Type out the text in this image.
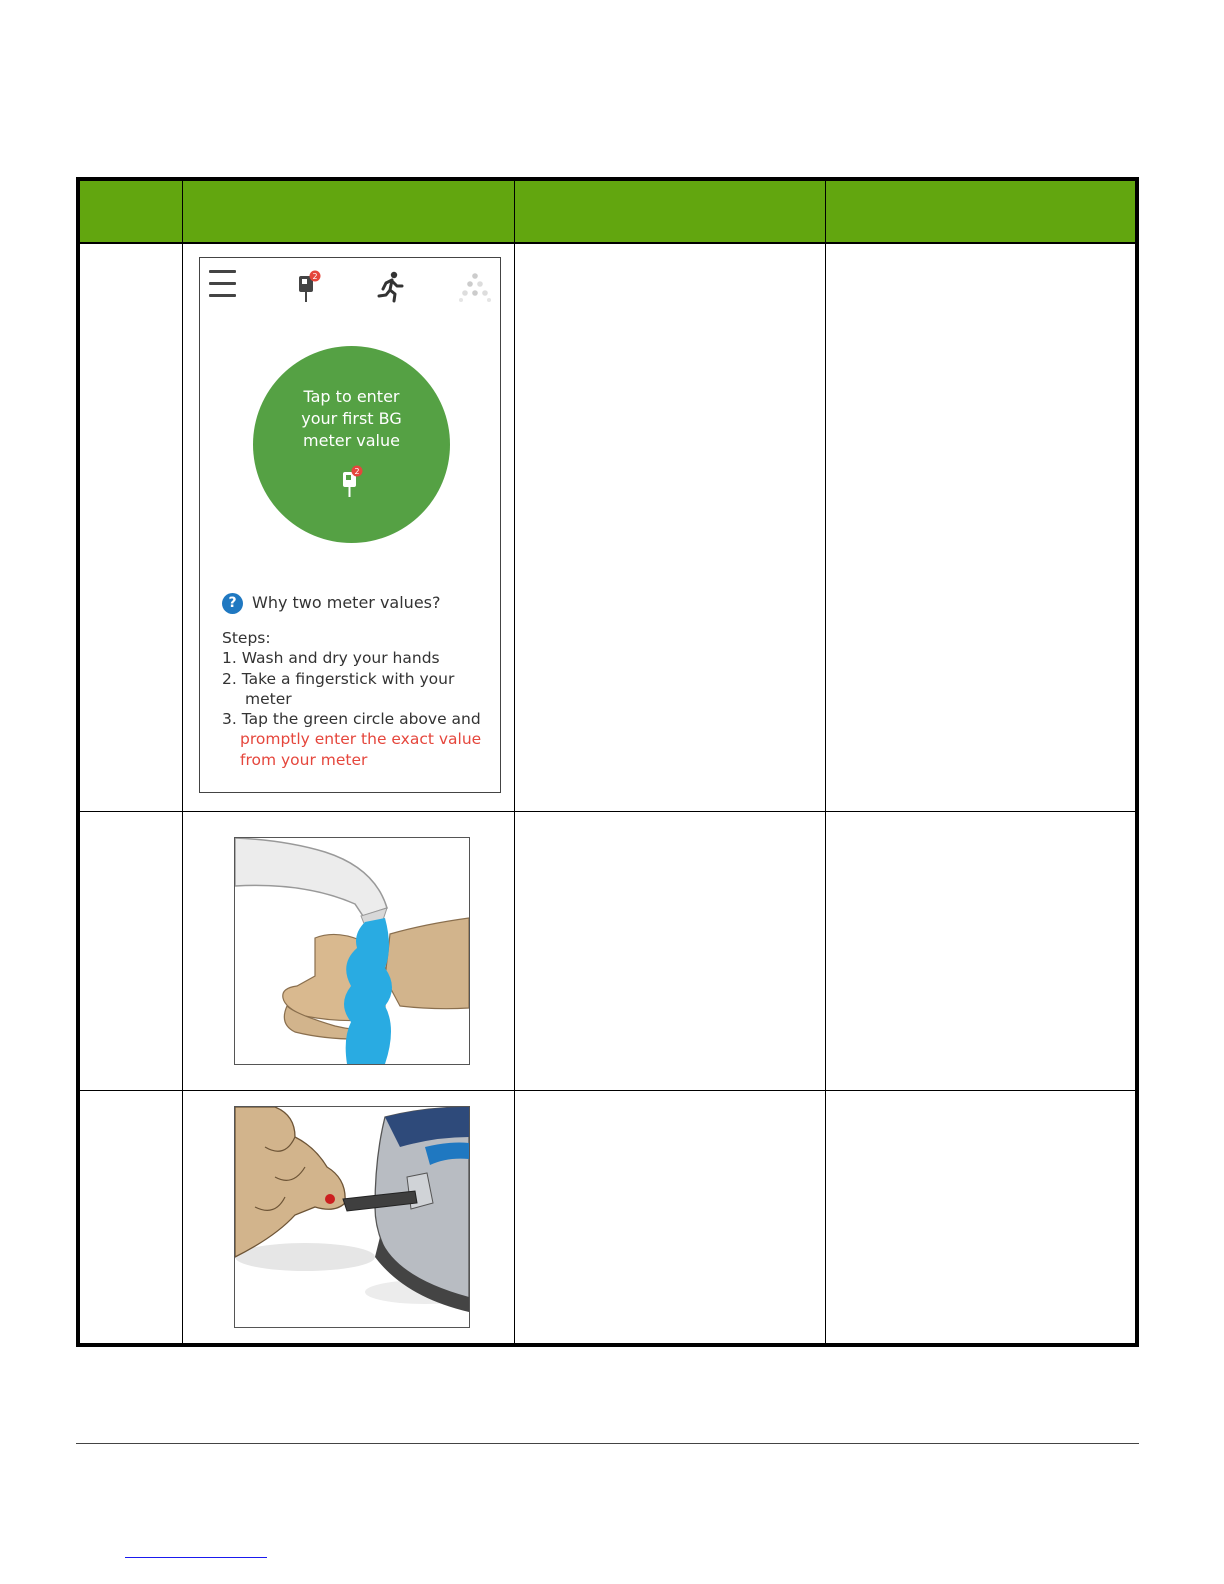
2
Tap to enter
your first BG
meter value
2
? Why two meter values?
Steps:
1. Wash and dry your hands
2. Take a fingerstick with your
meter
3. Tap the green circle above and
promptly enter the exact value
from your meter
